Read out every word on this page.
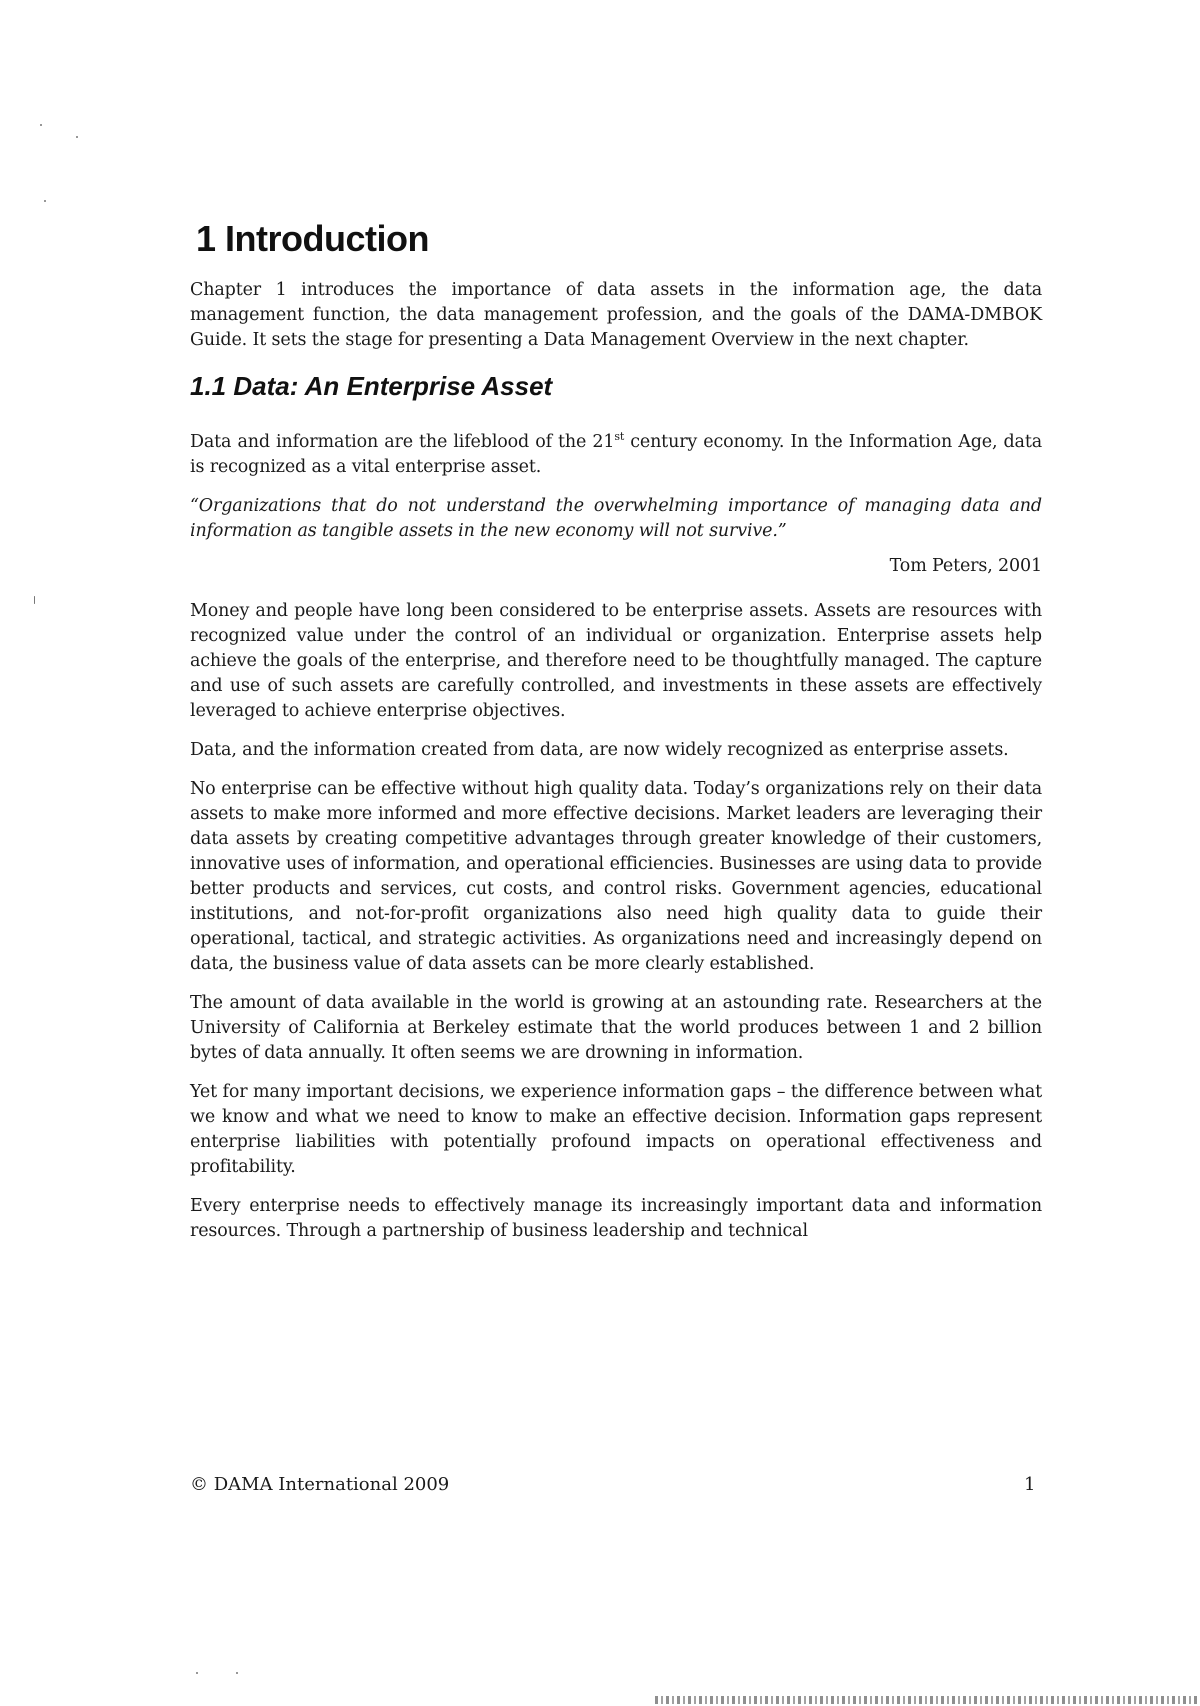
1 Introduction

Chapter 1 introduces the importance of data assets in the information age, the data management function, the data management profession, and the goals of the DAMA-DMBOK Guide. It sets the stage for presenting a Data Management Overview in the next chapter.

1.1 Data: An Enterprise Asset

Data and information are the lifeblood of the 21st century economy. In the Information Age, data is recognized as a vital enterprise asset.

“Organizations that do not understand the overwhelming importance of managing data and information as tangible assets in the new economy will not survive.”

Tom Peters, 2001

Money and people have long been considered to be enterprise assets. Assets are resources with recognized value under the control of an individual or organization. Enterprise assets help achieve the goals of the enterprise, and therefore need to be thoughtfully managed. The capture and use of such assets are carefully controlled, and investments in these assets are effectively leveraged to achieve enterprise objectives.

Data, and the information created from data, are now widely recognized as enterprise assets.

No enterprise can be effective without high quality data. Today’s organizations rely on their data assets to make more informed and more effective decisions. Market leaders are leveraging their data assets by creating competitive advantages through greater knowledge of their customers, innovative uses of information, and operational efficiencies. Businesses are using data to provide better products and services, cut costs, and control risks. Government agencies, educational institutions, and not-for-profit organizations also need high quality data to guide their operational, tactical, and strategic activities. As organizations need and increasingly depend on data, the business value of data assets can be more clearly established.

The amount of data available in the world is growing at an astounding rate. Researchers at the University of California at Berkeley estimate that the world produces between 1 and 2 billion bytes of data annually. It often seems we are drowning in information.

Yet for many important decisions, we experience information gaps – the difference between what we know and what we need to know to make an effective decision. Information gaps represent enterprise liabilities with potentially profound impacts on operational effectiveness and profitability.

Every enterprise needs to effectively manage its increasingly important data and information resources. Through a partnership of business leadership and technical

© DAMA International 2009	1
